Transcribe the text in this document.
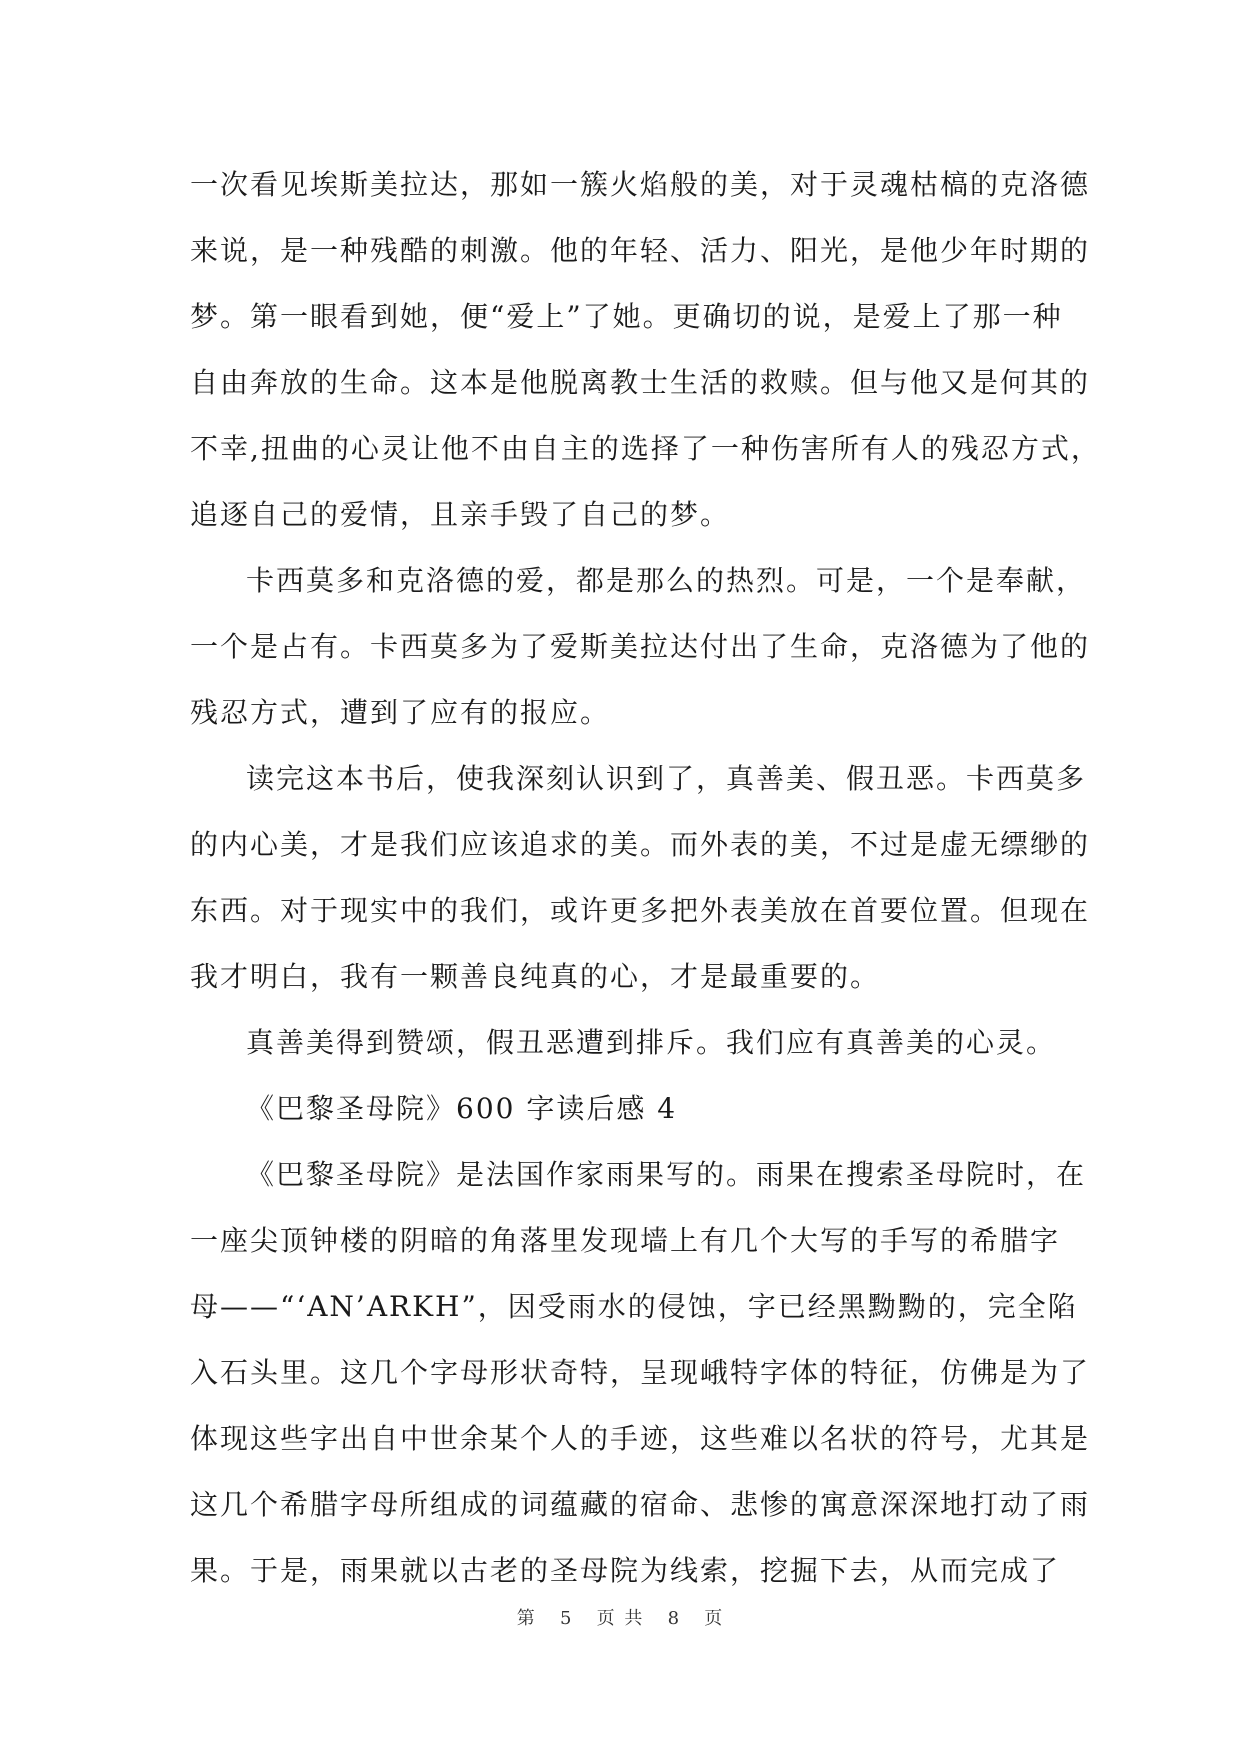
一次看见埃斯美拉达，那如一簇火焰般的美，对于灵魂枯槁的克洛德
来说，是一种残酷的刺激。他的年轻、活力、阳光，是他少年时期的
梦。第一眼看到她，便“爱上”了她。更确切的说，是爱上了那一种
自由奔放的生命。这本是他脱离教士生活的救赎。但与他又是何其的
不幸,扭曲的心灵让他不由自主的选择了一种伤害所有人的残忍方式，
追逐自己的爱情，且亲手毁了自己的梦。
卡西莫多和克洛德的爱，都是那么的热烈。可是，一个是奉献，
一个是占有。卡西莫多为了爱斯美拉达付出了生命，克洛德为了他的
残忍方式，遭到了应有的报应。
读完这本书后，使我深刻认识到了，真善美、假丑恶。卡西莫多
的内心美，才是我们应该追求的美。而外表的美，不过是虚无缥缈的
东西。对于现实中的我们，或许更多把外表美放在首要位置。但现在
我才明白，我有一颗善良纯真的心，才是最重要的。
真善美得到赞颂，假丑恶遭到排斥。我们应有真善美的心灵。
《巴黎圣母院》600 字读后感 4
《巴黎圣母院》是法国作家雨果写的。雨果在搜索圣母院时，在
一座尖顶钟楼的阴暗的角落里发现墙上有几个大写的手写的希腊字
母——“‘AN’ARKH”，因受雨水的侵蚀，字已经黑黝黝的，完全陷
入石头里。这几个字母形状奇特，呈现峨特字体的特征，仿佛是为了
体现这些字出自中世余某个人的手迹，这些难以名状的符号，尤其是
这几个希腊字母所组成的词蕴藏的宿命、悲惨的寓意深深地打动了雨
果。于是，雨果就以古老的圣母院为线索，挖掘下去，从而完成了
第 5 页 共 8 页
